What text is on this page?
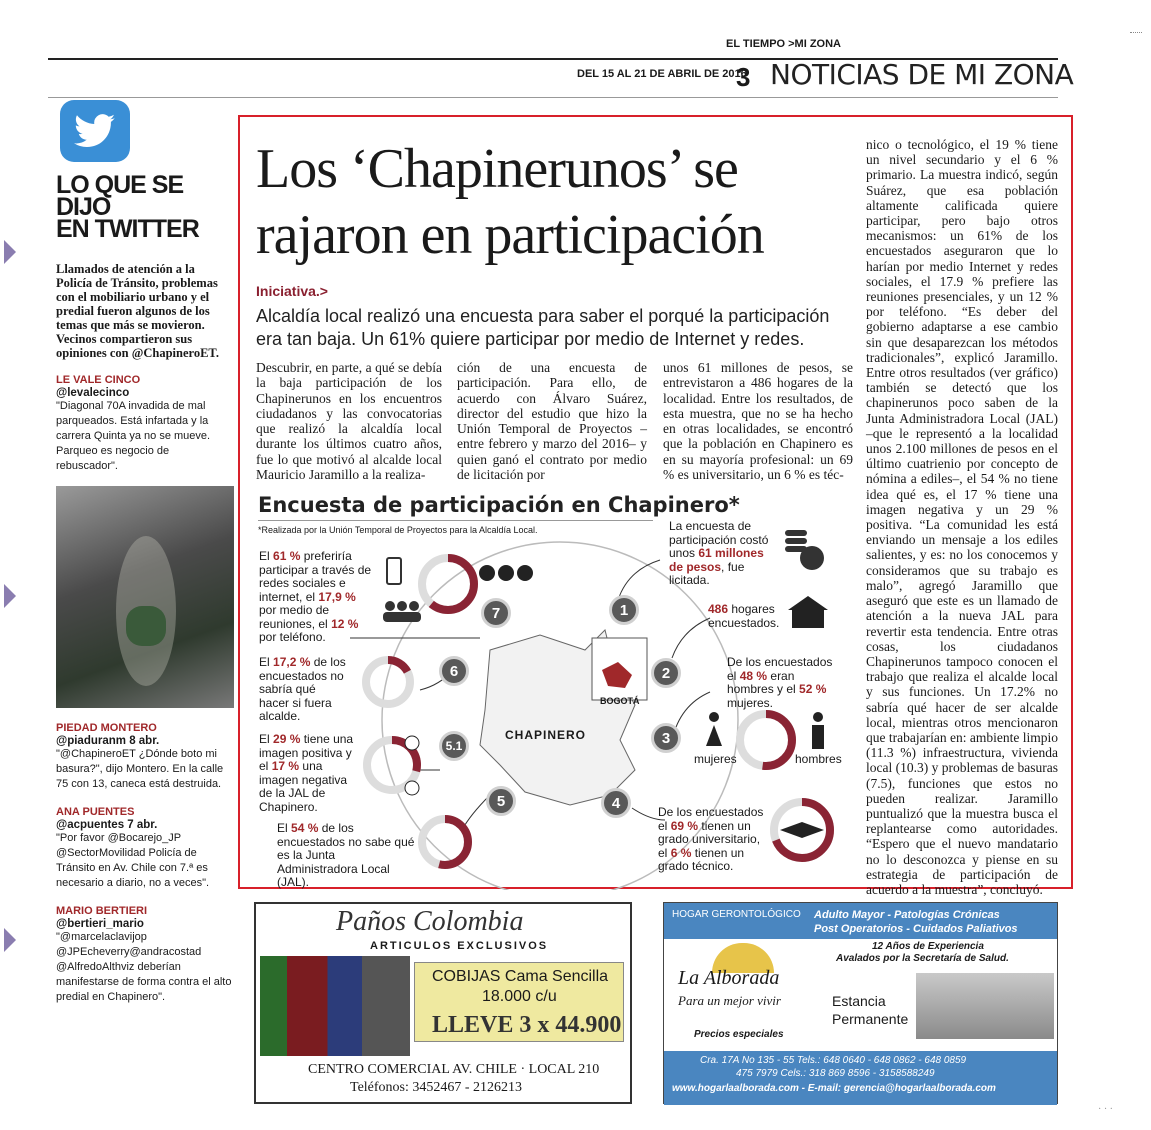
EL TIEMPO >MI ZONA
DEL 15 AL 21 DE ABRIL DE 2016
3 NOTICIAS DE MI ZONA
LO QUE SE DIJO
EN TWITTER
Llamados de atención a la Policía de Tránsito, problemas con el mobiliario urbano y el predial fueron algunos de los temas que más se movieron. Vecinos compartieron sus opiniones con @ChapineroET.
LE VALE CINCO
@levalecinco
"Diagonal 70A invadida de mal parqueados. Está infartada y la carrera Quinta ya no se mueve. Parqueo es negocio de rebuscador".
PIEDAD MONTERO
@piaduranm 8 abr.
"@ChapineroET ¿Dónde boto mi basura?", dijo Montero. En la calle 75 con 13, caneca está destruida.
ANA PUENTES
@acpuentes 7 abr.
"Por favor @Bocarejo_JP @SectorMovilidad Policía de Tránsito en Av. Chile con 7.ª es necesario a diario, no a veces".
MARIO BERTIERI
@bertieri_mario
"@marcelaclavijop @JPEcheverry@andracostad @AlfredoAlthviz deberían manifestarse de forma contra el alto predial en Chapinero".
Los ‘Chapinerunos’ se
rajaron en participación
Iniciativa.>
Alcaldía local realizó una encuesta para saber el porqué la participación
era tan baja. Un 61% quiere participar por medio de Internet y redes.
Descubrir, en parte, a qué se debía la baja participación de los Chapinerunos en los encuentros ciudadanos y las convocatorias que realizó la alcaldía local durante los últimos cuatro años, fue lo que motivó al alcalde local Mauricio Jaramillo a la realiza-
ción de una encuesta de participación. Para ello, de acuerdo con Álvaro Suárez, director del estudio que hizo la Unión Temporal de Proyectos –entre febrero y marzo del 2016– y quien ganó el contrato por medio de licitación por
unos 61 millones de pesos, se entrevistaron a 486 hogares de la localidad. Entre los resultados, de esta muestra, que no se ha hecho en otras localidades, se encontró que la población en Chapinero es en su mayoría profesional: un 69 % es universitario, un 6 % es téc-
nico o tecnológico, el 19 % tiene un nivel secundario y el 6 % primario. La muestra indicó, según Suárez, que esa población altamente calificada quiere participar, pero bajo otros mecanismos: un 61% de los encuestados aseguraron que lo harían por medio Internet y redes sociales, el 17.9 % prefiere las reuniones presenciales, y un 12 % por teléfono. “Es deber del gobierno adaptarse a ese cambio sin que desaparezcan los métodos tradicionales”, explicó Jaramillo. Entre otros resultados (ver gráfico) también se detectó que los chapinerunos poco saben de la Junta Administradora Local (JAL) –que le representó a la localidad unos 2.100 millones de pesos en el último cuatrienio por concepto de nómina a ediles–, el 54 % no tiene idea qué es, el 17 % tiene una imagen negativa y un 29 % positiva. “La comunidad les está enviando un mensaje a los ediles salientes, y es: no los conocemos y consideramos que su trabajo es malo”, agregó Jaramillo que aseguró que este es un llamado de atención a la nueva JAL para revertir esta tendencia. Entre otras cosas, los ciudadanos Chapinerunos tampoco conocen el trabajo que realiza el alcalde local y sus funciones. Un 17.2% no sabría qué hacer de ser alcalde local, mientras otros mencionaron que trabajarían en: ambiente limpio (11.3 %) infraestructura, vivienda local (10.3) y problemas de basuras (7.5), funciones que estos no pueden realizar. Jaramillo puntualizó que la muestra busca el replantearse como autoridades. “Espero que el nuevo mandatario no lo desconozca y piense en su estrategia de participación de acuerdo a la muestra”, concluyó.
Encuesta de participación en Chapinero*
*Realizada por la Unión Temporal de Proyectos para la Alcaldía Local.
1
2
3
4
5
5.1
6
7
CHAPINERO
BOGOTÁ
La encuesta de participación costó unos 61 millones de pesos, fue licitada.
486 hogares encuestados.
De los encuestados el 48 % eran hombres y el 52 % mujeres.
mujeres	hombres
De los encuestados el 69 % tienen un grado universitario, el 6 % tienen un grado técnico.
El 54 % de los encuestados no sabe qué es la Junta Administradora Local (JAL).
El 29 % tiene una imagen positiva y el 17 % una imagen negativa de la JAL de Chapinero.
El 17,2 % de los encuestados no sabría qué hacer si fuera alcalde.
El 61 % preferiría participar a través de redes sociales e internet, el 17,9 % por medio de reuniones, el 12 % por teléfono.
Paños Colombia
ARTICULOS EXCLUSIVOS
COBIJAS Cama Sencilla
18.000 c/u
LLEVE 3 x 44.900
CENTRO COMERCIAL AV. CHILE · LOCAL 210
Teléfonos: 3452467 - 2126213
HOGAR GERONTOLÓGICO Adulto Mayor - Patologías Crónicas
Post Operatorios - Cuidados Paliativos
12 Años de Experiencia
Avalados por la Secretaría de Salud.
La Alborada
Para un mejor vivir	Estancia
Permanente
Precios especiales
Cra. 17A No 135 - 55 Tels.: 648 0640 - 648 0862 - 648 0859
475 7979 Cels.: 318 869 8596 - 3158588249
www.hogarlaalborada.com - E-mail: gerencia@hogarlaalborada.com
· · ·
